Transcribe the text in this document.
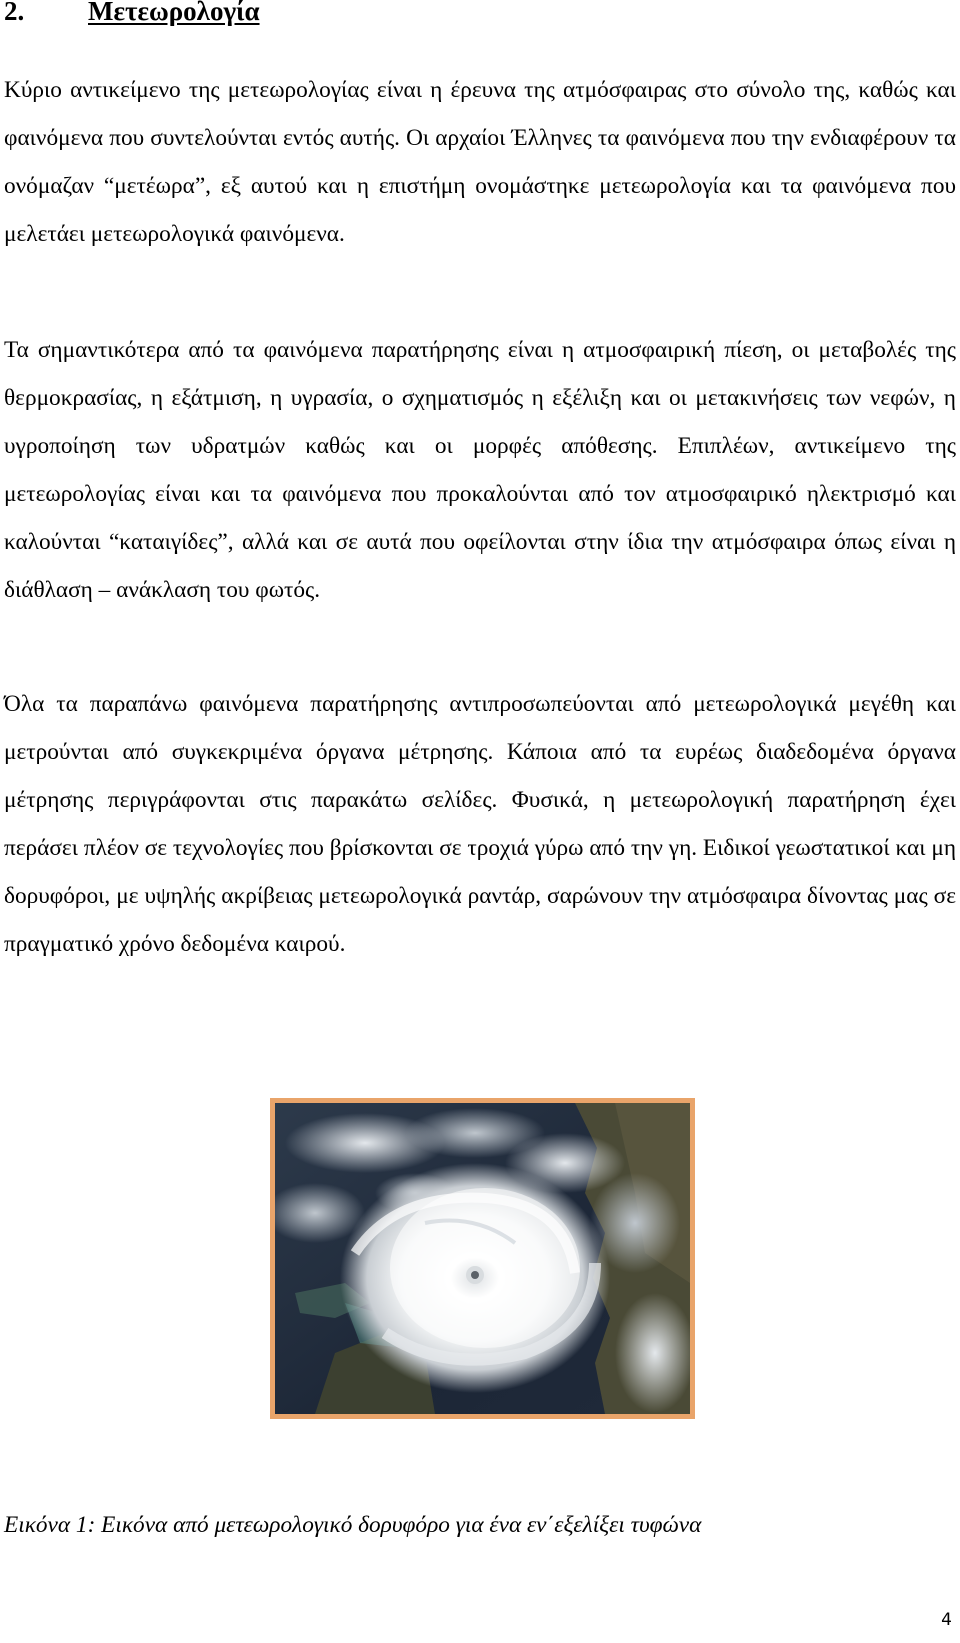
2. Μετεωρολογία

Κύριο αντικείμενο της μετεωρολογίας είναι η έρευνα της ατμόσφαιρας στο σύνολο της, καθώς και φαινόμενα που συντελούνται εντός αυτής. Οι αρχαίοι Έλληνες τα φαινόμενα που την ενδιαφέρουν τα ονόμαζαν “μετέωρα”, εξ αυτού και η επιστήμη ονομάστηκε μετεωρολογία και τα φαινόμενα που μελετάει μετεωρολογικά φαινόμενα.

Τα σημαντικότερα από τα φαινόμενα παρατήρησης είναι η ατμοσφαιρική πίεση, οι μεταβολές της θερμοκρασίας, η εξάτμιση, η υγρασία, ο σχηματισμός η εξέλιξη και οι μετακινήσεις των νεφών, η υγροποίηση των υδρατμών καθώς και οι μορφές απόθεσης. Επιπλέων, αντικείμενο της μετεωρολογίας είναι και τα φαινόμενα που προκαλούνται από τον ατμοσφαιρικό ηλεκτρισμό και καλούνται “καταιγίδες”, αλλά και σε αυτά που οφείλονται στην ίδια την ατμόσφαιρα όπως είναι η διάθλαση – ανάκλαση του φωτός.

Όλα τα παραπάνω φαινόμενα παρατήρησης αντιπροσωπεύονται από μετεωρολογικά μεγέθη και μετρούνται από συγκεκριμένα όργανα μέτρησης. Κάποια από τα ευρέως διαδεδομένα όργανα μέτρησης περιγράφονται στις παρακάτω σελίδες. Φυσικά, η μετεωρολογική παρατήρηση έχει περάσει πλέον σε τεχνολογίες που βρίσκονται σε τροχιά γύρω από την γη. Ειδικοί γεωστατικοί και μη δορυφόροι, με υψηλής ακρίβειας μετεωρολογικά ραντάρ, σαρώνουν την ατμόσφαιρα δίνοντας μας σε πραγματικό χρόνο δεδομένα καιρού.

Εικόνα 1: Εικόνα από μετεωρολογικό δορυφόρο για ένα εν΄εξελίξει τυφώνα
4
